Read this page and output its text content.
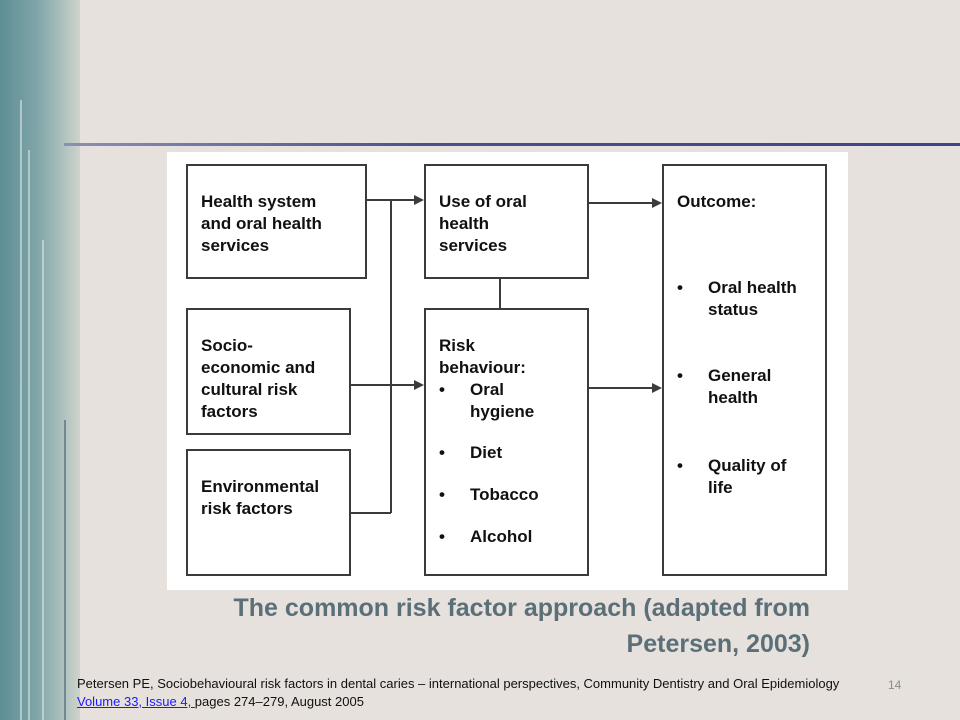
Health system
and oral health
services
Socio-
economic and
cultural risk
factors
Environmental
risk factors
Use of oral
health
services
Risk
behaviour:
• Oral
hygiene
• Diet
• Tobacco
• Alcohol
Outcome:
• Oral health
status
• General
health
• Quality of
life
The common risk factor approach (adapted from Petersen, 2003)
Petersen PE, Sociobehavioural risk factors in dental caries – international perspectives, Community Dentistry and Oral Epidemiology Volume 33, Issue 4, pages 274–279, August 2005
14
